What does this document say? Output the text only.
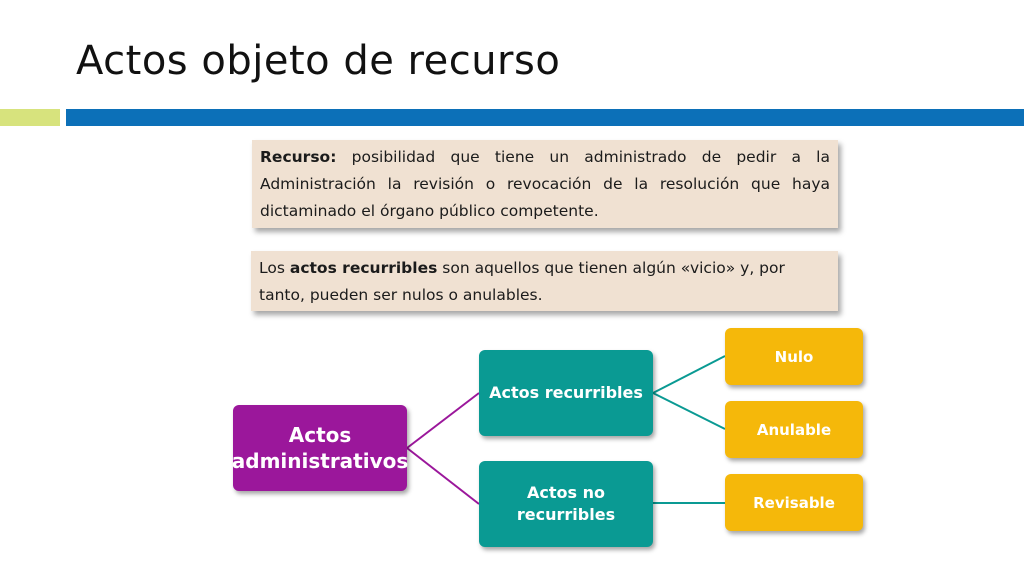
Actos objeto de recurso
Recurso: posibilidad que tiene un administrado de pedir a la Administración la revisión o revocación de la resolución que haya dictaminado el órgano público competente.
Los actos recurribles son aquellos que tienen algún «vicio» y, por tanto, pueden ser nulos o anulables.
Actos administrativos
Actos recurribles
Actos no recurribles
Nulo
Anulable
Revisable
